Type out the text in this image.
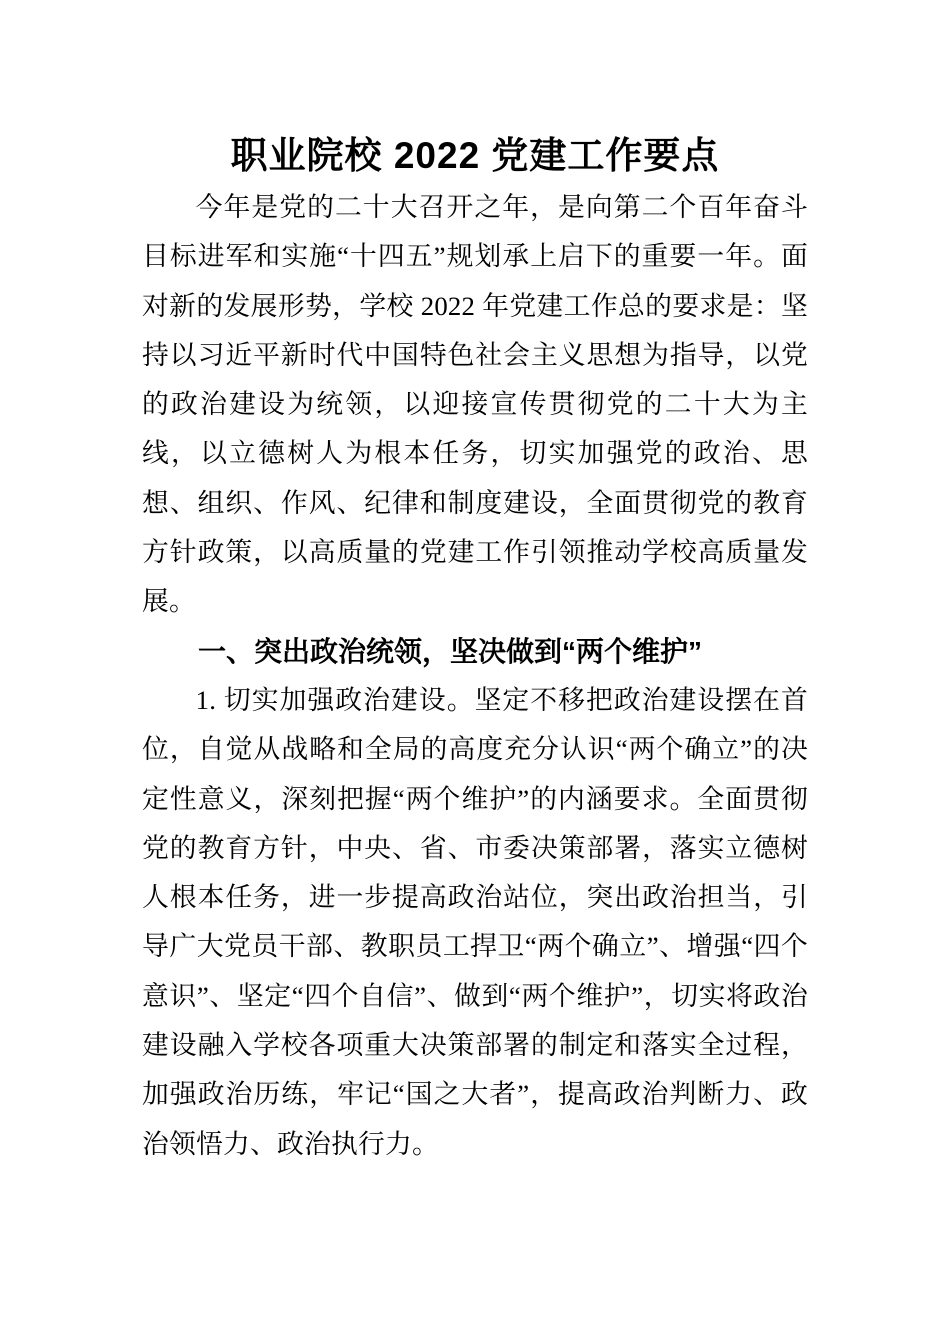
职业院校 2022 党建工作要点

今年是党的二十大召开之年，是向第二个百年奋斗目标进军和实施“十四五”规划承上启下的重要一年。面对新的发展形势，学校 2022 年党建工作总的要求是：坚持以习近平新时代中国特色社会主义思想为指导，以党的政治建设为统领，以迎接宣传贯彻党的二十大为主线，以立德树人为根本任务，切实加强党的政治、思想、组织、作风、纪律和制度建设，全面贯彻党的教育方针政策，以高质量的党建工作引领推动学校高质量发展。

一、突出政治统领，坚决做到“两个维护”

1. 切实加强政治建设。坚定不移把政治建设摆在首位，自觉从战略和全局的高度充分认识“两个确立”的决定性意义，深刻把握“两个维护”的内涵要求。全面贯彻党的教育方针，中央、省、市委决策部署，落实立德树人根本任务，进一步提高政治站位，突出政治担当，引导广大党员干部、教职员工捍卫“两个确立”、增强“四个意识”、坚定“四个自信”、做到“两个维护”，切实将政治建设融入学校各项重大决策部署的制定和落实全过程，加强政治历练，牢记“国之大者”，提高政治判断力、政治领悟力、政治执行力。
